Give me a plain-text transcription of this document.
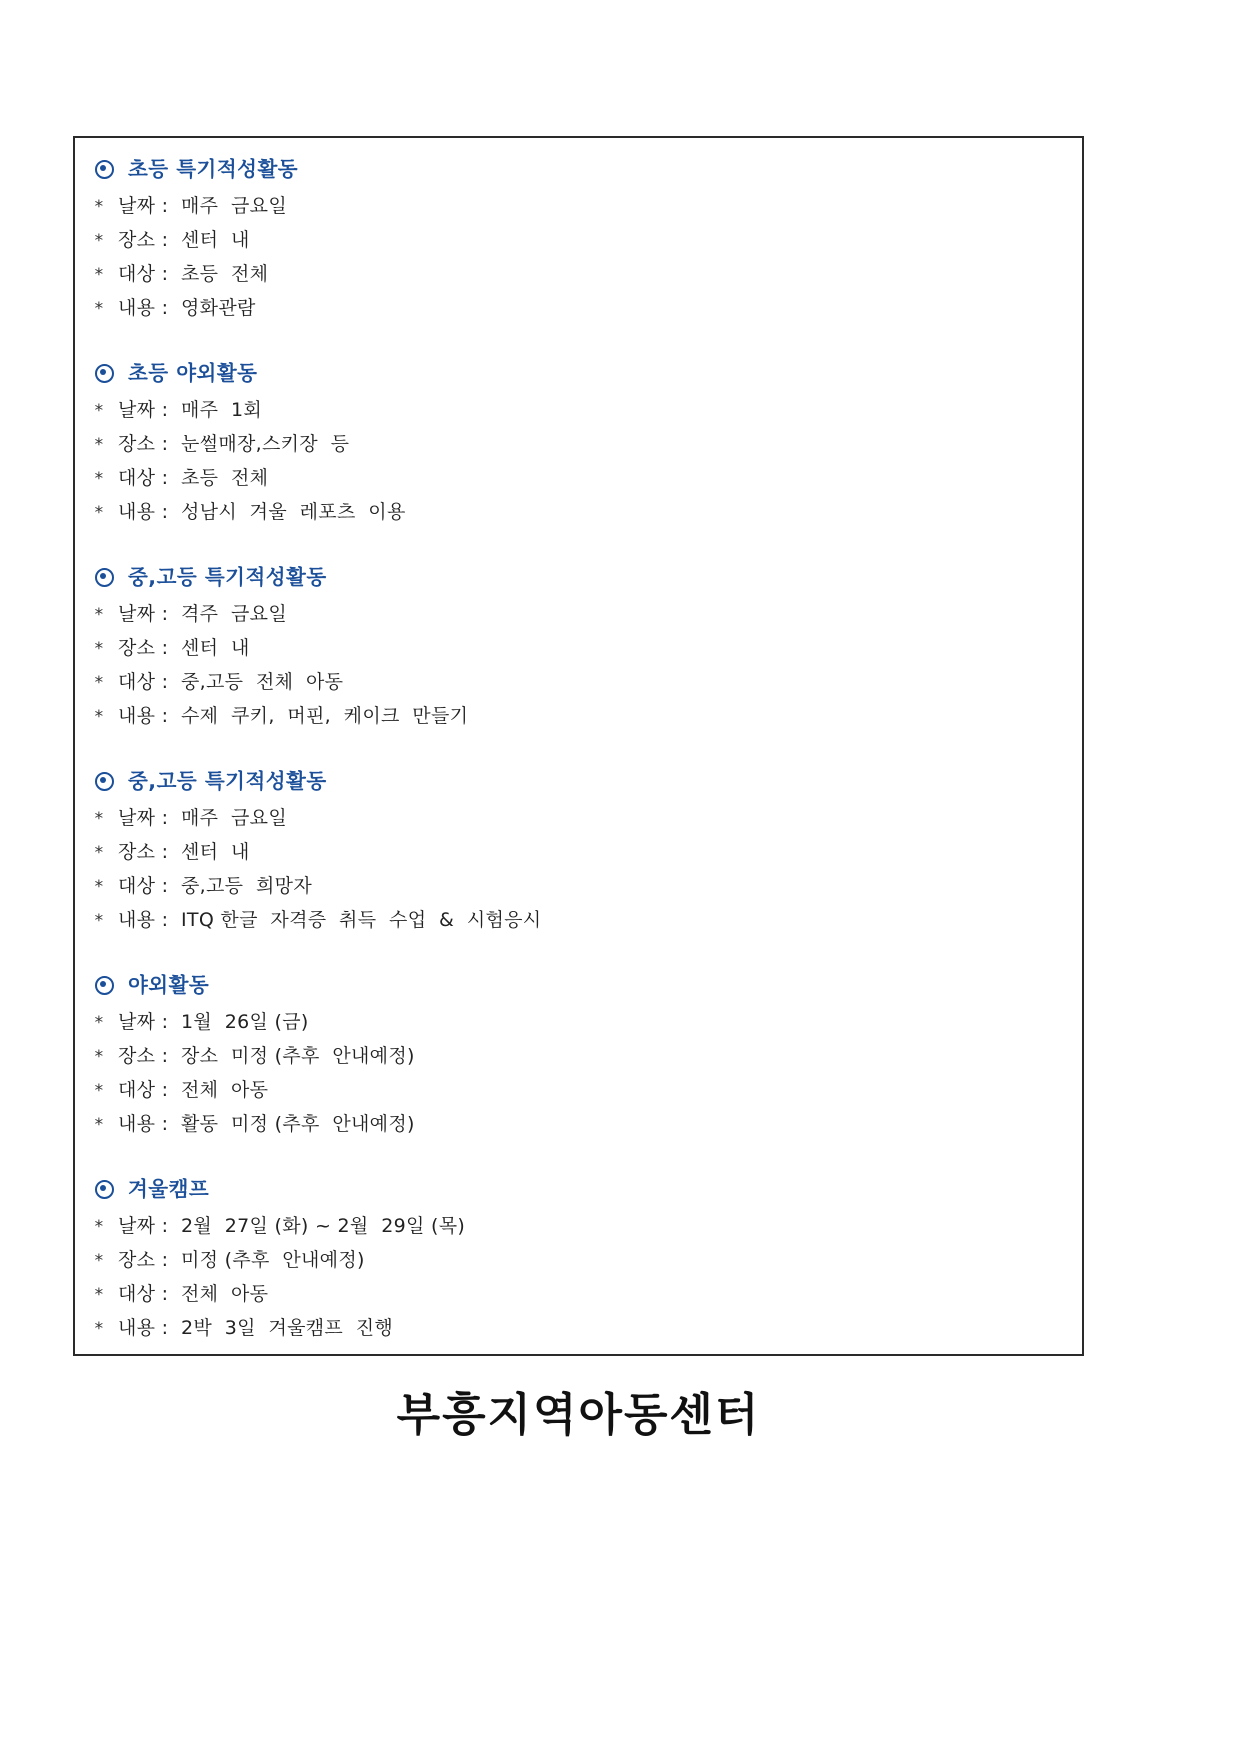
초등 특기적성활동
* 날짜 :  매주  금요일
* 장소 :  센터  내
* 대상 :  초등  전체
* 내용 :  영화관람
초등 야외활동
* 날짜 :  매주  1회
* 장소 :  눈썰매장,스키장  등
* 대상 :  초등  전체
* 내용 :  성남시  겨울  레포츠  이용
중,고등 특기적성활동
* 날짜 :  격주  금요일
* 장소 :  센터  내
* 대상 :  중,고등  전체  아동
* 내용 :  수제  쿠키,  머핀,  케이크  만들기
중,고등 특기적성활동
* 날짜 :  매주  금요일
* 장소 :  센터  내
* 대상 :  중,고등  희망자
* 내용 :  ITQ 한글  자격증  취득  수업  &  시험응시
야외활동
* 날짜 :  1월  26일 (금)
* 장소 :  장소  미정 (추후  안내예정)
* 대상 :  전체  아동
* 내용 :  활동  미정 (추후  안내예정)
겨울캠프
* 날짜 :  2월  27일 (화) ~ 2월  29일 (목)
* 장소 :  미정 (추후  안내예정)
* 대상 :  전체  아동
* 내용 :  2박  3일  겨울캠프  진행
부흥지역아동센터
